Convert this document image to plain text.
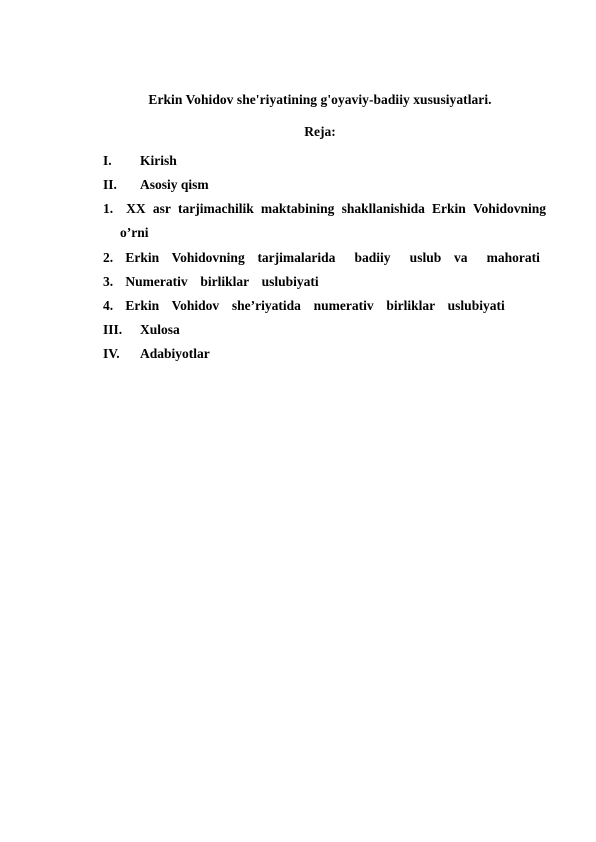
Erkin Vohidov she'riyatining g'oyaviy-badiiy xususiyatlari.
Reja:
I. Kirish
II. Asosiy qism
1. XX asr tarjimachilik maktabining shakllanishida Erkin Vohidovning
o’rni
2. Erkin  Vohidovning  tarjimalarida   badiiy   uslub  va   mahorati
3. Numerativ  birliklar  uslubiyati
4. Erkin  Vohidov  she’riyatida  numerativ  birliklar  uslubiyati
III. Xulosa
IV. Adabiyotlar
